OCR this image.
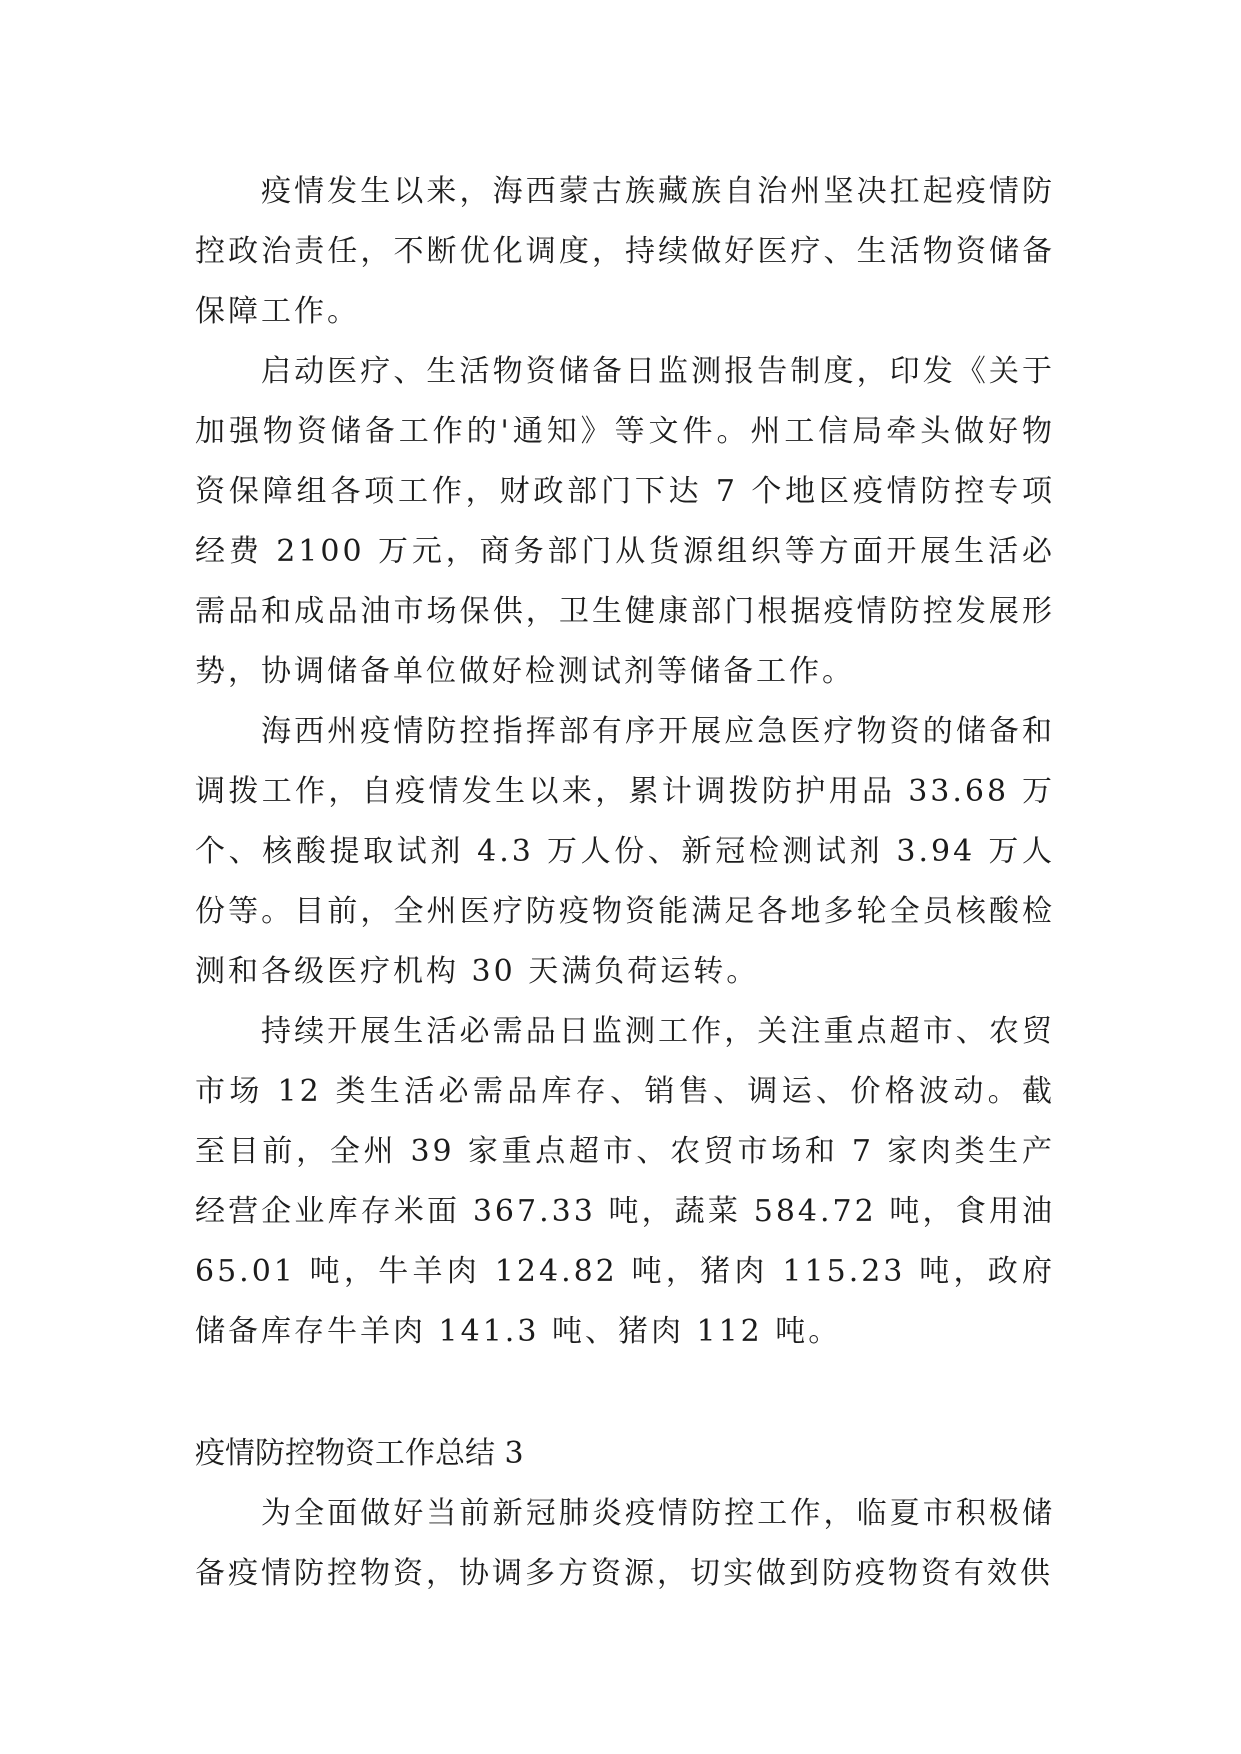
疫情发生以来，海西蒙古族藏族自治州坚决扛起疫情防控政治责任，不断优化调度，持续做好医疗、生活物资储备保障工作。

启动医疗、生活物资储备日监测报告制度，印发《关于加强物资储备工作的'通知》等文件。州工信局牵头做好物资保障组各项工作，财政部门下达 7 个地区疫情防控专项经费 2100 万元，商务部门从货源组织等方面开展生活必需品和成品油市场保供，卫生健康部门根据疫情防控发展形势，协调储备单位做好检测试剂等储备工作。

海西州疫情防控指挥部有序开展应急医疗物资的储备和调拨工作，自疫情发生以来，累计调拨防护用品 33.68 万个、核酸提取试剂 4.3 万人份、新冠检测试剂 3.94 万人份等。目前，全州医疗防疫物资能满足各地多轮全员核酸检测和各级医疗机构 30 天满负荷运转。

持续开展生活必需品日监测工作，关注重点超市、农贸市场 12 类生活必需品库存、销售、调运、价格波动。截至目前，全州 39 家重点超市、农贸市场和 7 家肉类生产经营企业库存米面 367.33 吨，蔬菜 584.72 吨，食用油 65.01 吨，牛羊肉 124.82 吨，猪肉 115.23 吨，政府储备库存牛羊肉 141.3 吨、猪肉 112 吨。

疫情防控物资工作总结 3

为全面做好当前新冠肺炎疫情防控工作，临夏市积极储备疫情防控物资，协调多方资源，切实做到防疫物资有效供
